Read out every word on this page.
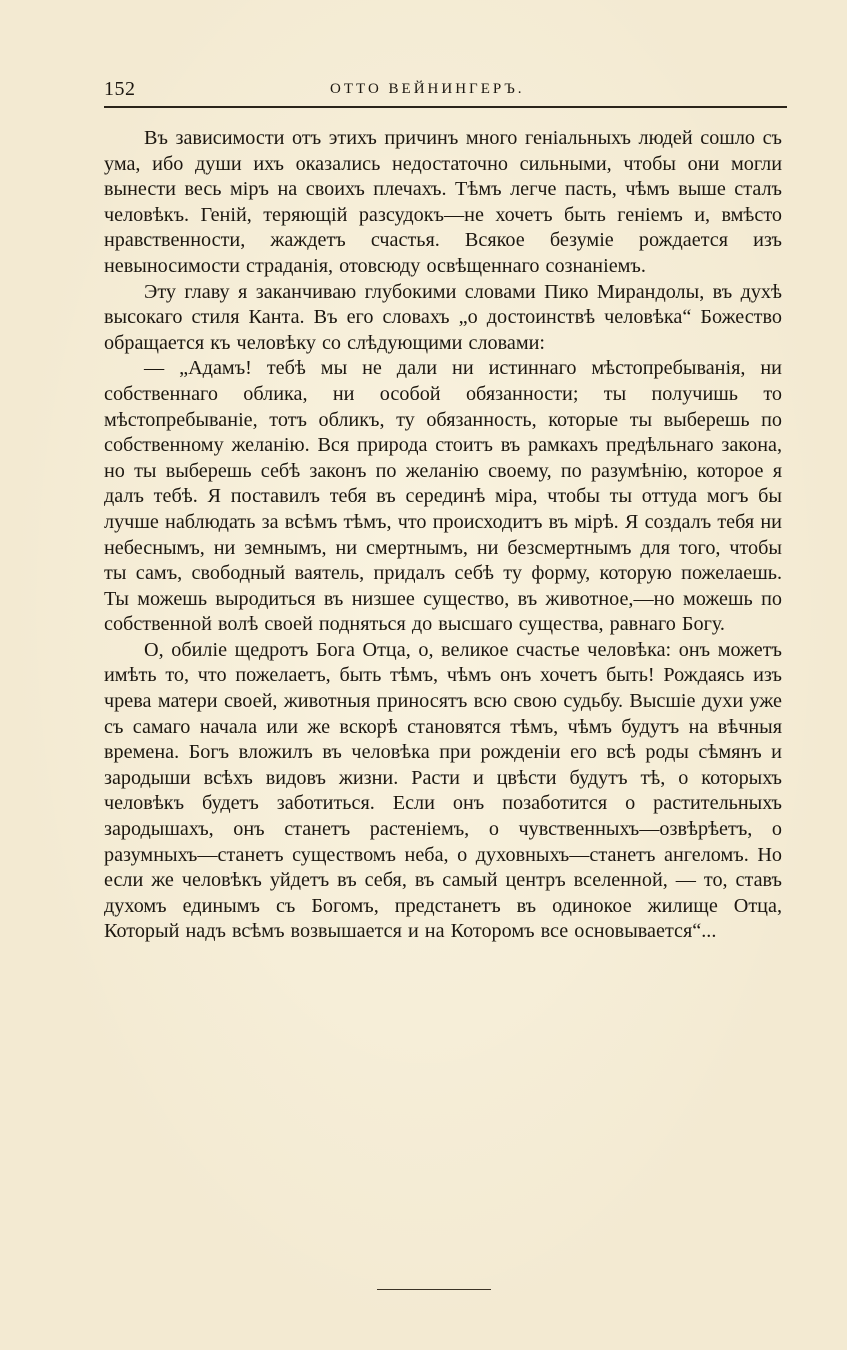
152	ОТТО ВЕЙНИНГЕРЪ.

Въ зависимости отъ этихъ причинъ много геніальныхъ людей сошло съ ума, ибо души ихъ оказались недостаточно сильными, чтобы они могли вынести весь міръ на своихъ плечахъ. Тѣмъ легче пасть, чѣмъ выше сталъ человѣкъ. Геній, теряющій разсудокъ—не хочетъ быть геніемъ и, вмѣсто нравственности, жаждетъ счастья. Всякое безуміе рождается изъ невыносимости страданія, отовсюду освѣщеннаго сознаніемъ.

Эту главу я заканчиваю глубокими словами Пико Мирандолы, въ духѣ высокаго стиля Канта. Въ его словахъ „о достоинствѣ человѣка“ Божество обращается къ человѣку со слѣдующими словами:

— „Адамъ! тебѣ мы не дали ни истиннаго мѣстопребыванія, ни собственнаго облика, ни особой обязанности; ты получишь то мѣстопребываніе, тотъ обликъ, ту обязанность, которые ты выберешь по собственному желанію. Вся природа стоитъ въ рамкахъ предѣльнаго закона, но ты выберешь себѣ законъ по желанію своему, по разумѣнію, которое я далъ тебѣ. Я поставилъ тебя въ серединѣ міра, чтобы ты оттуда могъ бы лучше наблюдать за всѣмъ тѣмъ, что происходитъ въ мірѣ. Я создалъ тебя ни небеснымъ, ни земнымъ, ни смертнымъ, ни безсмертнымъ для того, чтобы ты самъ, свободный ваятель, придалъ себѣ ту форму, которую пожелаешь. Ты можешь выродиться въ низшее существо, въ животное,—но можешь по собственной волѣ своей подняться до высшаго существа, равнаго Богу.

О, обиліе щедротъ Бога Отца, о, великое счастье человѣка: онъ можетъ имѣть то, что пожелаетъ, быть тѣмъ, чѣмъ онъ хочетъ быть! Рождаясь изъ чрева матери своей, животныя приносятъ всю свою судьбу. Высшіе духи уже съ самаго начала или же вскорѣ становятся тѣмъ, чѣмъ будутъ на вѣчныя времена. Богъ вложилъ въ человѣка при рожденіи его всѣ роды сѣмянъ и зародыши всѣхъ видовъ жизни. Расти и цвѣсти будутъ тѣ, о которыхъ человѣкъ будетъ заботиться. Если онъ позаботится о растительныхъ зародышахъ, онъ станетъ растеніемъ, о чувственныхъ—озвѣрѣетъ, о разумныхъ—станетъ существомъ неба, о духовныхъ—станетъ ангеломъ. Но если же человѣкъ уйдетъ въ себя, въ самый центръ вселенной, — то, ставъ духомъ единымъ съ Богомъ, предстанетъ въ одинокое жилище Отца, Который надъ всѣмъ возвышается и на Которомъ все основывается“...
